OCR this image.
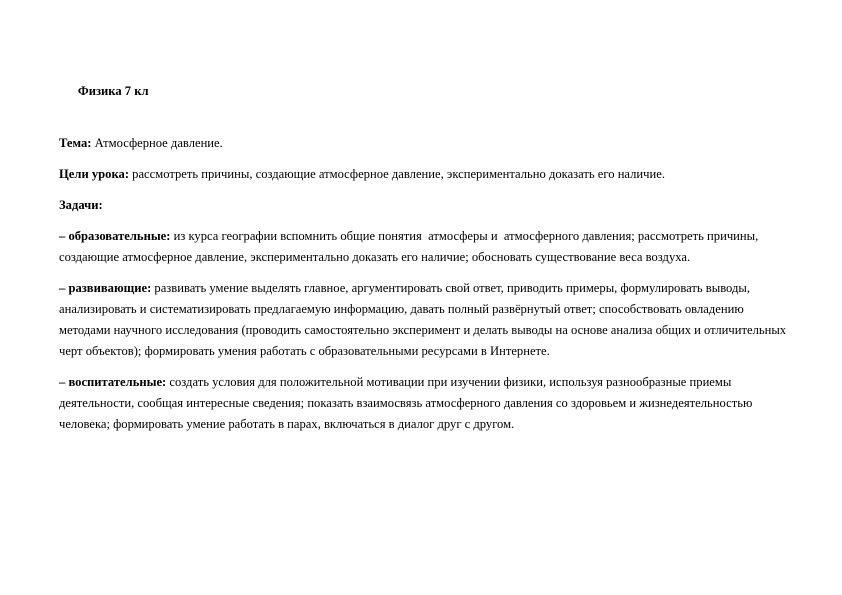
Физика 7 кл

Тема: Атмосферное давление.

Цели урока: рассмотреть причины, создающие атмосферное давление, экспериментально доказать его наличие.

Задачи:

– образовательные: из курса географии вспомнить общие понятия  атмосферы и  атмосферного давления; рассмотреть причины, создающие атмосферное давление, экспериментально доказать его наличие; обосновать существование веса воздуха.

– развивающие: развивать умение выделять главное, аргументировать свой ответ, приводить примеры, формулировать выводы, анализировать и систематизировать предлагаемую информацию, давать полный развёрнутый ответ; способствовать овладению методами научного исследования (проводить самостоятельно эксперимент и делать выводы на основе анализа общих и отличительных черт объектов); формировать умения работать с образовательными ресурсами в Интернете.

– воспитательные: создать условия для положительной мотивации при изучении физики, используя разнообразные приемы деятельности, сообщая интересные сведения; показать взаимосвязь атмосферного давления со здоровьем и жизнедеятельностью человека; формировать умение работать в парах, включаться в диалог друг с другом.
